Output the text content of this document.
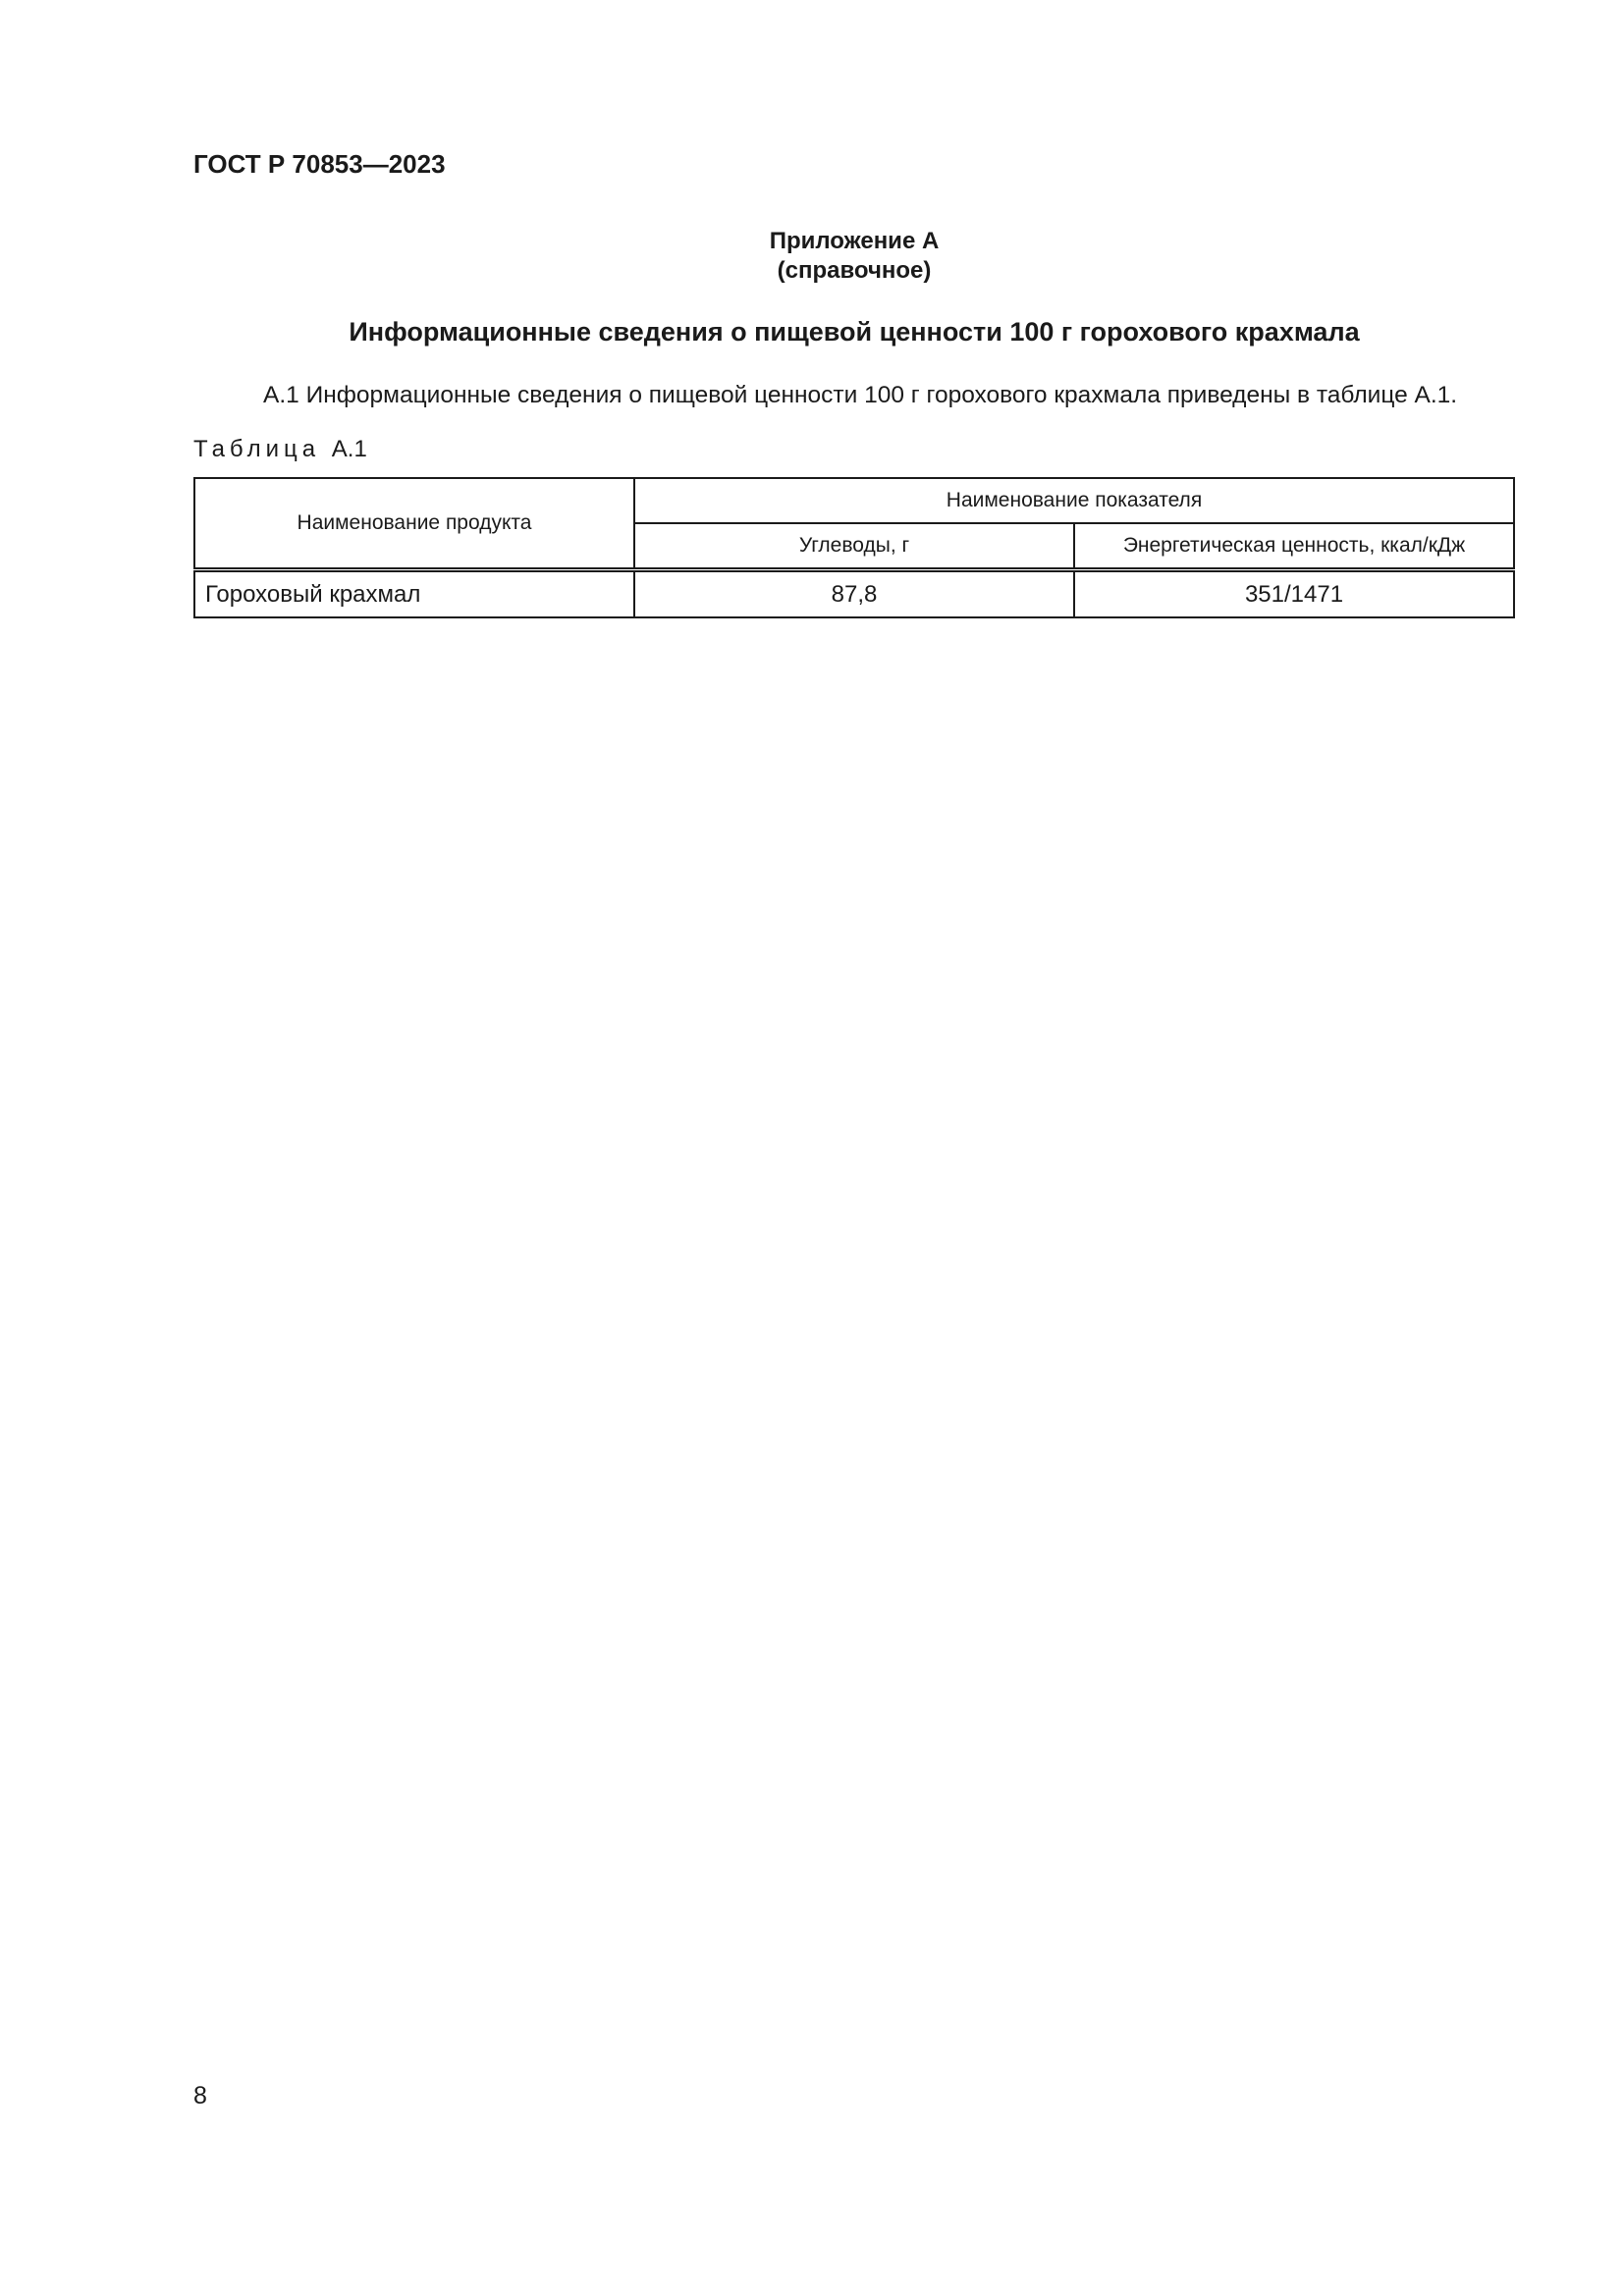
ГОСТ Р 70853—2023
Приложение А
(справочное)
Информационные сведения о пищевой ценности 100 г горохового крахмала
А.1 Информационные сведения о пищевой ценности 100 г горохового крахмала приведены в таблице А.1.
Таблица А.1
Наименование продукта	Наименование показателя	
	Углеводы, г	Энергетическая ценность, ккал/кДж
Гороховый крахмал	87,8	351/1471
8
